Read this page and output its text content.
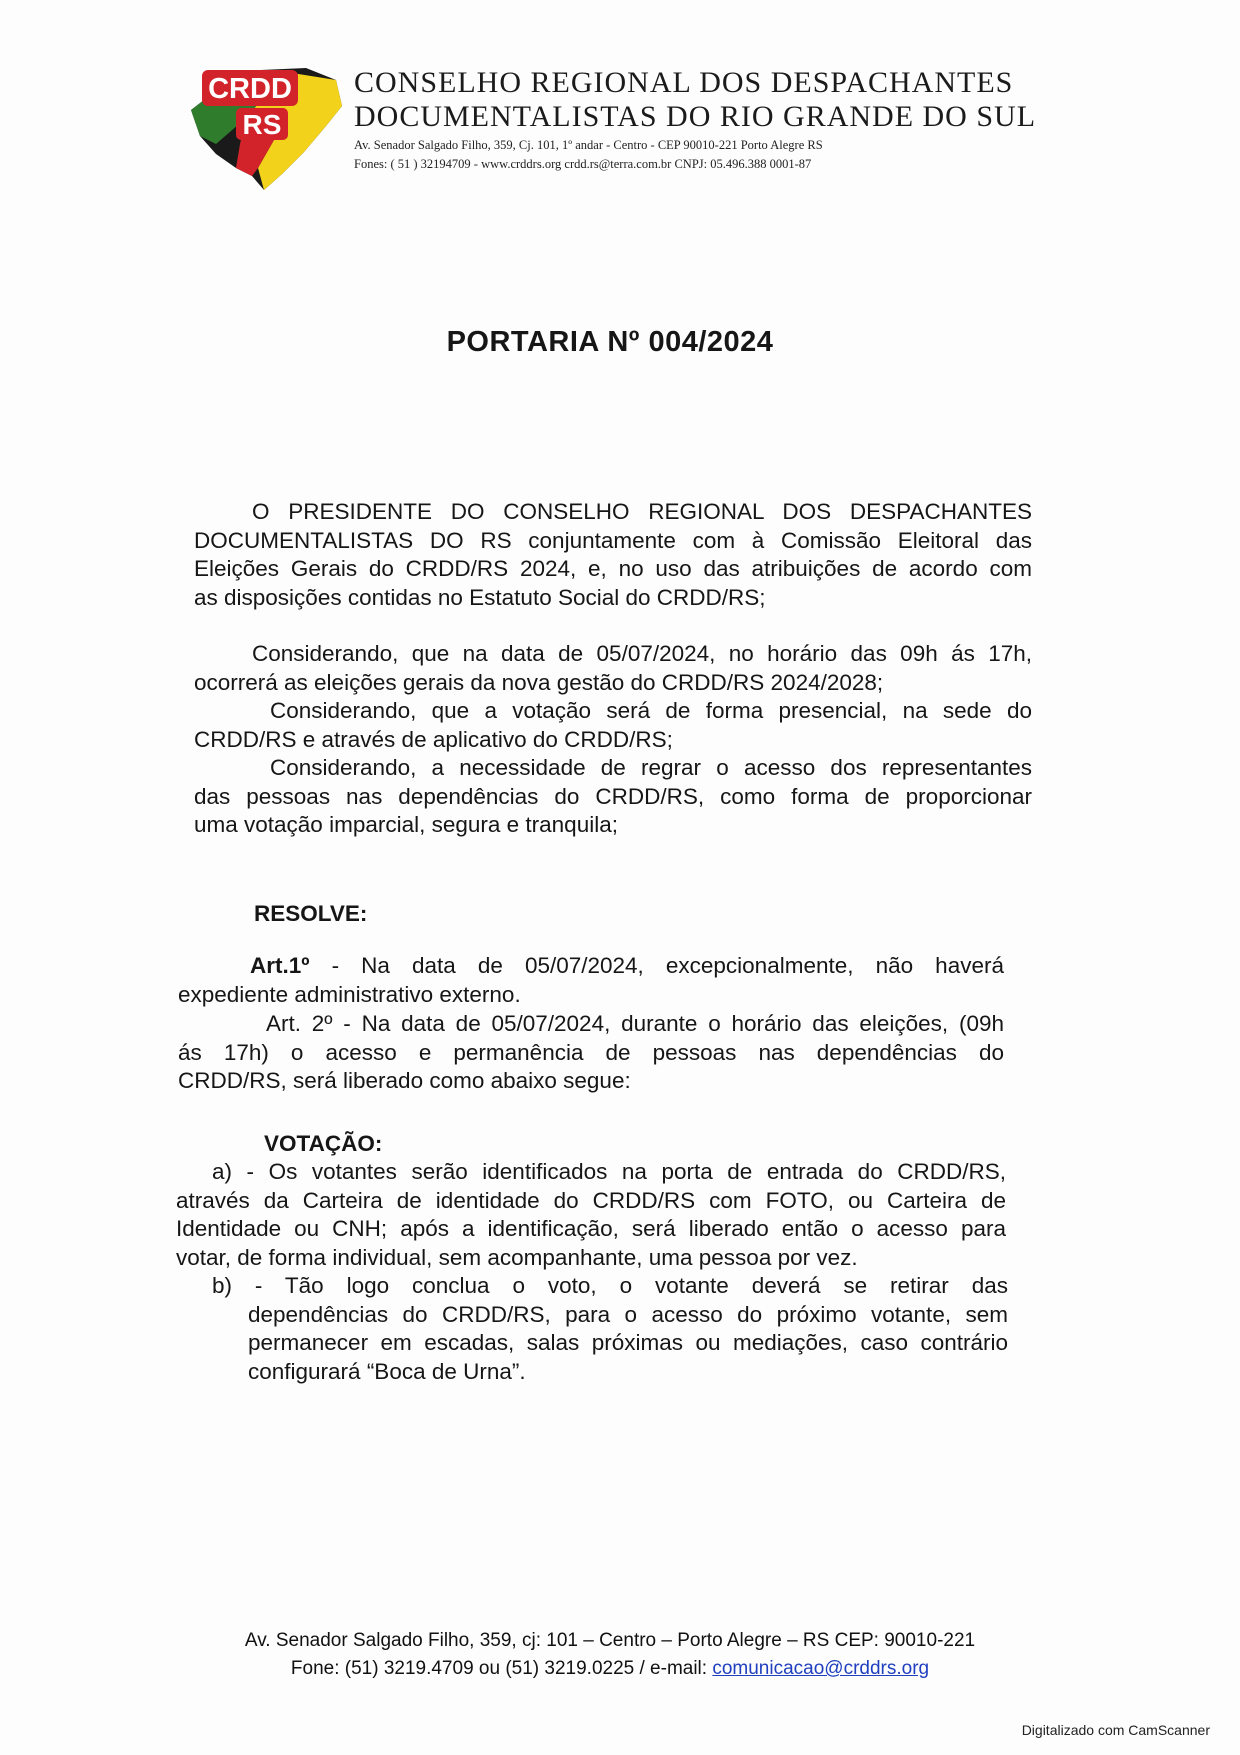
CRDD
RS
CONSELHO REGIONAL DOS DESPACHANTES
DOCUMENTALISTAS DO RIO GRANDE DO SUL
Av. Senador Salgado Filho, 359, Cj. 101, 1º andar - Centro - CEP 90010-221 Porto Alegre RS
Fones: ( 51 ) 32194709 - www.crddrs.org crdd.rs@terra.com.br CNPJ: 05.496.388 0001-87
PORTARIA Nº 004/2024
O PRESIDENTE DO CONSELHO REGIONAL DOS DESPACHANTES
DOCUMENTALISTAS DO RS conjuntamente com à Comissão Eleitoral das
Eleições Gerais do CRDD/RS 2024, e, no uso das atribuições de acordo com
as disposições contidas no Estatuto Social do CRDD/RS;
Considerando, que na data de 05/07/2024, no horário das 09h ás 17h,
ocorrerá as eleições gerais da nova gestão do CRDD/RS 2024/2028;
Considerando, que a votação será de forma presencial, na sede do
CRDD/RS e através de aplicativo do CRDD/RS;
Considerando, a necessidade de regrar o acesso dos representantes
das pessoas nas dependências do CRDD/RS, como forma de proporcionar
uma votação imparcial, segura e tranquila;
RESOLVE:
Art.1º - Na data de 05/07/2024, excepcionalmente, não haverá
expediente administrativo externo.
Art. 2º - Na data de 05/07/2024, durante o horário das eleições, (09h
ás 17h) o acesso e permanência de pessoas nas dependências do
CRDD/RS, será liberado como abaixo segue:
VOTAÇÃO:
a) - Os votantes serão identificados na porta de entrada do CRDD/RS,
através da Carteira de identidade do CRDD/RS com FOTO, ou Carteira de
Identidade ou CNH; após a identificação, será liberado então o acesso para
votar, de forma individual, sem acompanhante, uma pessoa por vez.
b) - Tão logo conclua o voto, o votante deverá se retirar das
dependências do CRDD/RS, para o acesso do próximo votante, sem
permanecer em escadas, salas próximas ou mediações, caso contrário
configurará “Boca de Urna”.
Av. Senador Salgado Filho, 359, cj: 101 – Centro – Porto Alegre – RS CEP: 90010-221
Fone: (51) 3219.4709 ou (51) 3219.0225 / e-mail: comunicacao@crddrs.org
Digitalizado com CamScanner
